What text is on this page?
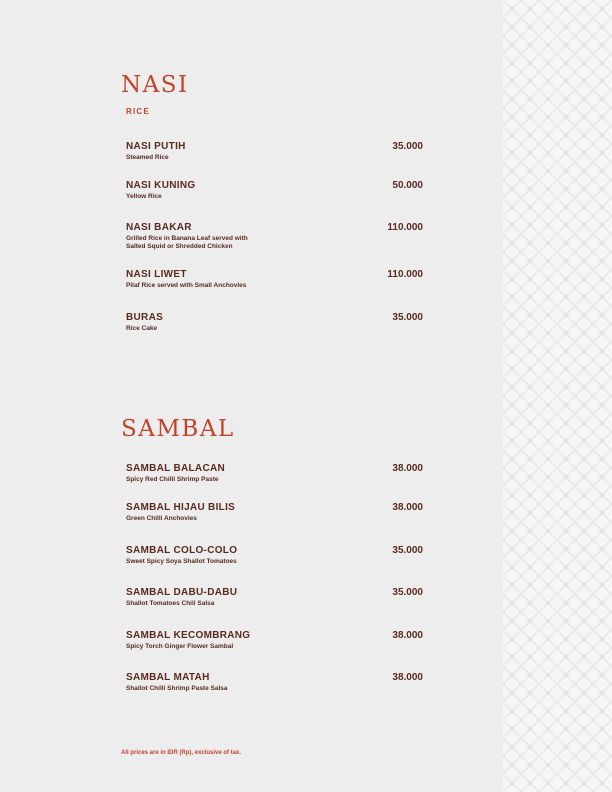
NASI
RICE
NASI PUTIH	35.000
Steamed Rice
NASI KUNING	50.000
Yellow Rice
NASI BAKAR	110.000
Grilled Rice in Banana Leaf served with Salted Squid or Shredded Chicken
NASI LIWET	110.000
Pilaf Rice served with Small Anchovies
BURAS	35.000
Rice Cake
SAMBAL
SAMBAL BALACAN	38.000
Spicy Red Chilli Shrimp Paste
SAMBAL HIJAU BILIS	38.000
Green Chilli Anchovies
SAMBAL COLO-COLO	35.000
Sweet Spicy Soya Shallot Tomatoes
SAMBAL DABU-DABU	35.000
Shallot Tomatoes Chili Salsa
SAMBAL KECOMBRANG	38.000
Spicy Torch Ginger Flower Sambal
SAMBAL MATAH	38.000
Shallot Chilli Shrimp Paste Salsa
All prices are in IDR (Rp), exclusive of tax.
